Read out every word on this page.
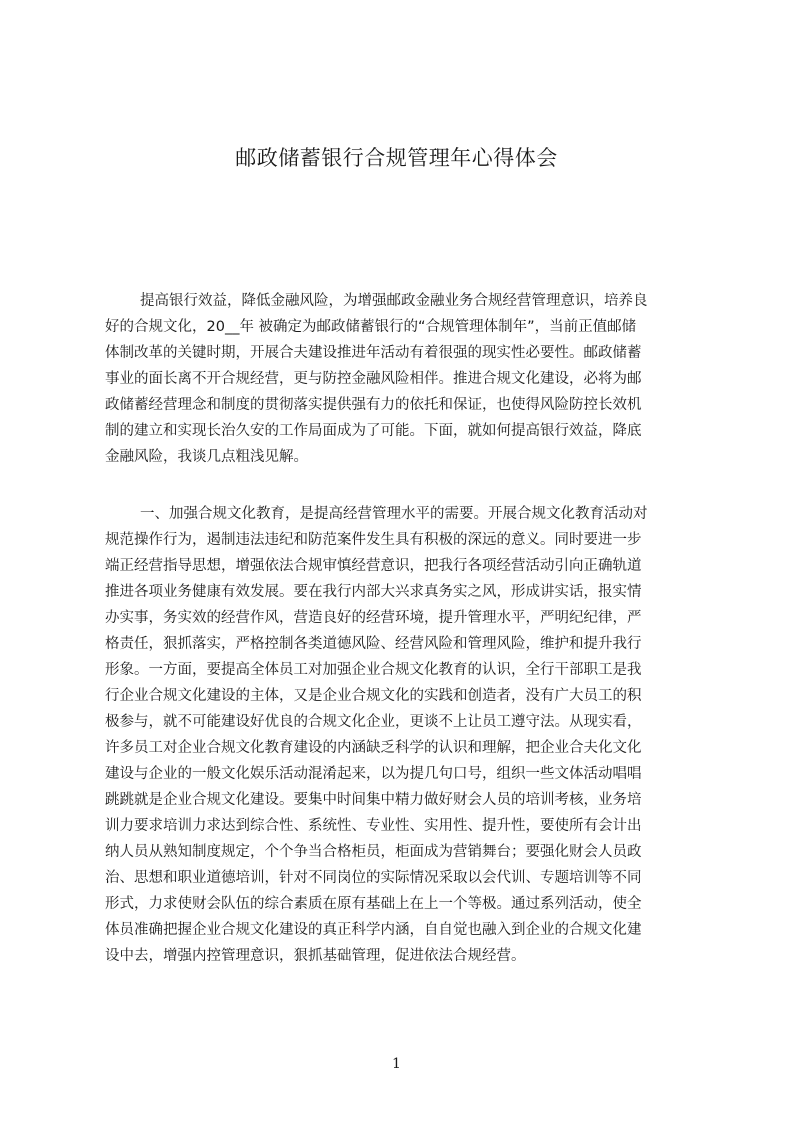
邮政储蓄银行合规管理年心得体会
提高银行效益，降低金融风险，为增强邮政金融业务合规经营管理意识，培养良
好的合规文化，20__年 被确定为邮政储蓄银行的“合规管理体制年”，当前正值邮储
体制改革的关键时期，开展合夫建设推进年活动有着很强的现实性必要性。邮政储蓄
事业的面长离不开合规经营，更与防控金融风险相伴。推进合规文化建设，必将为邮
政储蓄经营理念和制度的贯彻落实提供强有力的依托和保证，也使得风险防控长效机
制的建立和实现长治久安的工作局面成为了可能。下面，就如何提高银行效益，降底
金融风险，我谈几点粗浅见解。
一、加强合规文化教育，是提高经营管理水平的需要。开展合规文化教育活动对
规范操作行为，遏制违法违纪和防范案件发生具有积极的深远的意义。同时要进一步
端正经营指导思想，增强依法合规审慎经营意识，把我行各项经营活动引向正确轨道
推进各项业务健康有效发展。要在我行内部大兴求真务实之风，形成讲实话，报实情
办实事，务实效的经营作风，营造良好的经营环境，提升管理水平，严明纪纪律，严
格责任，狠抓落实，严格控制各类道德风险、经营风险和管理风险，维护和提升我行
形象。一方面，要提高全体员工对加强企业合规文化教育的认识，全行干部职工是我
行企业合规文化建设的主体，又是企业合规文化的实践和创造者，没有广大员工的积
极参与，就不可能建设好优良的合规文化企业，更谈不上让员工遵守法。从现实看，
许多员工对企业合规文化教育建设的内涵缺乏科学的认识和理解，把企业合夫化文化
建设与企业的一般文化娱乐活动混淆起来，以为提几句口号，组织一些文体活动唱唱
跳跳就是企业合规文化建设。要集中时间集中精力做好财会人员的培训考核，业务培
训力要求培训力求达到综合性、系统性、专业性、实用性、提升性，要使所有会计出
纳人员从熟知制度规定，个个争当合格柜员，柜面成为营销舞台；要强化财会人员政
治、思想和职业道德培训，针对不同岗位的实际情况采取以会代训、专题培训等不同
形式，力求使财会队伍的综合素质在原有基础上在上一个等极。通过系列活动，使全
体员准确把握企业合规文化建设的真正科学内涵，自自觉也融入到企业的合规文化建
设中去，增强内控管理意识，狠抓基础管理，促进依法合规经营。
1
